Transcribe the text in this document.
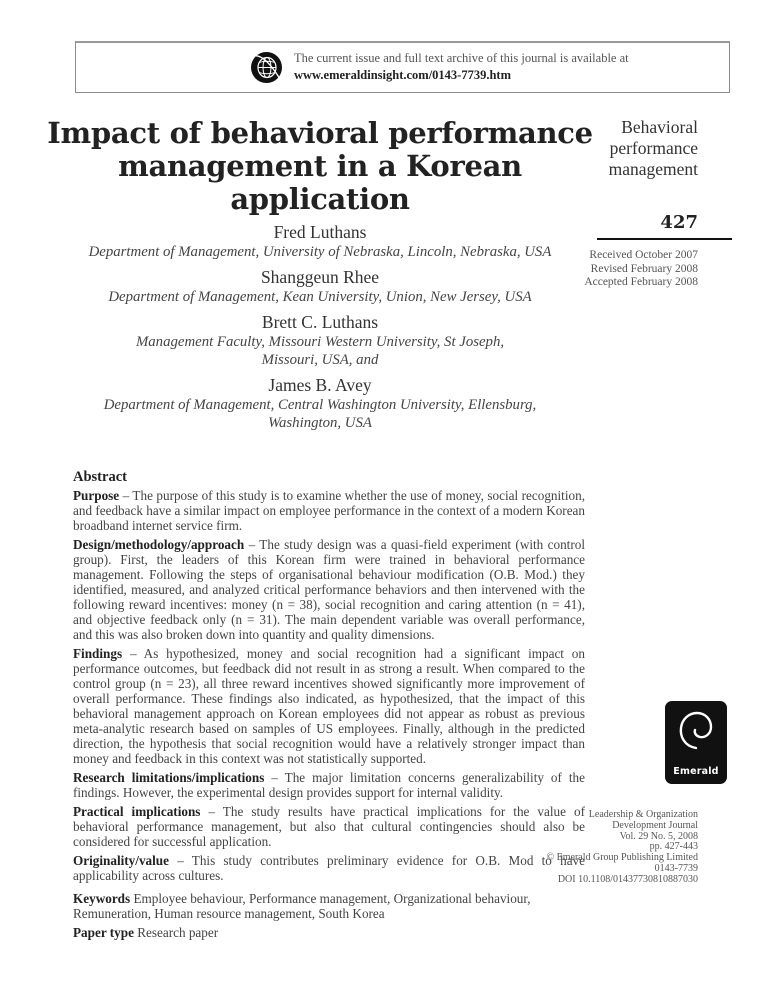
The current issue and full text archive of this journal is available at
www.emeraldinsight.com/0143-7739.htm
Impact of behavioral performance
management in a Korean
application
Fred Luthans
Department of Management, University of Nebraska, Lincoln, Nebraska, USA
Shanggeun Rhee
Department of Management, Kean University, Union, New Jersey, USA
Brett C. Luthans
Management Faculty, Missouri Western University, St Joseph,
Missouri, USA, and
James B. Avey
Department of Management, Central Washington University, Ellensburg,
Washington, USA
Abstract

Purpose – The purpose of this study is to examine whether the use of money, social recognition, and feedback have a similar impact on employee performance in the context of a modern Korean broadband internet service firm.

Design/methodology/approach – The study design was a quasi-field experiment (with control group). First, the leaders of this Korean firm were trained in behavioral performance management. Following the steps of organisational behaviour modification (O.B. Mod.) they identified, measured, and analyzed critical performance behaviors and then intervened with the following reward incentives: money (n = 38), social recognition and caring attention (n = 41), and objective feedback only (n = 31). The main dependent variable was overall performance, and this was also broken down into quantity and quality dimensions.

Findings – As hypothesized, money and social recognition had a significant impact on performance outcomes, but feedback did not result in as strong a result. When compared to the control group (n = 23), all three reward incentives showed significantly more improvement of overall performance. These findings also indicated, as hypothesized, that the impact of this behavioral management approach on Korean employees did not appear as robust as previous meta-analytic research based on samples of US employees. Finally, although in the predicted direction, the hypothesis that social recognition would have a relatively stronger impact than money and feedback in this context was not statistically supported.

Research limitations/implications – The major limitation concerns generalizability of the findings. However, the experimental design provides support for internal validity.

Practical implications – The study results have practical implications for the value of behavioral performance management, but also that cultural contingencies should also be considered for successful application.

Originality/value – This study contributes preliminary evidence for O.B. Mod to have applicability across cultures.

Keywords Employee behaviour, Performance management, Organizational behaviour, Remuneration, Human resource management, South Korea

Paper type Research paper

Behavioral
performance
management
427
Received October 2007
Revised February 2008
Accepted February 2008
Emerald
Leadership & Organization
Development Journal
Vol. 29 No. 5, 2008
pp. 427-443
© Emerald Group Publishing Limited
0143-7739
DOI 10.1108/01437730810887030
